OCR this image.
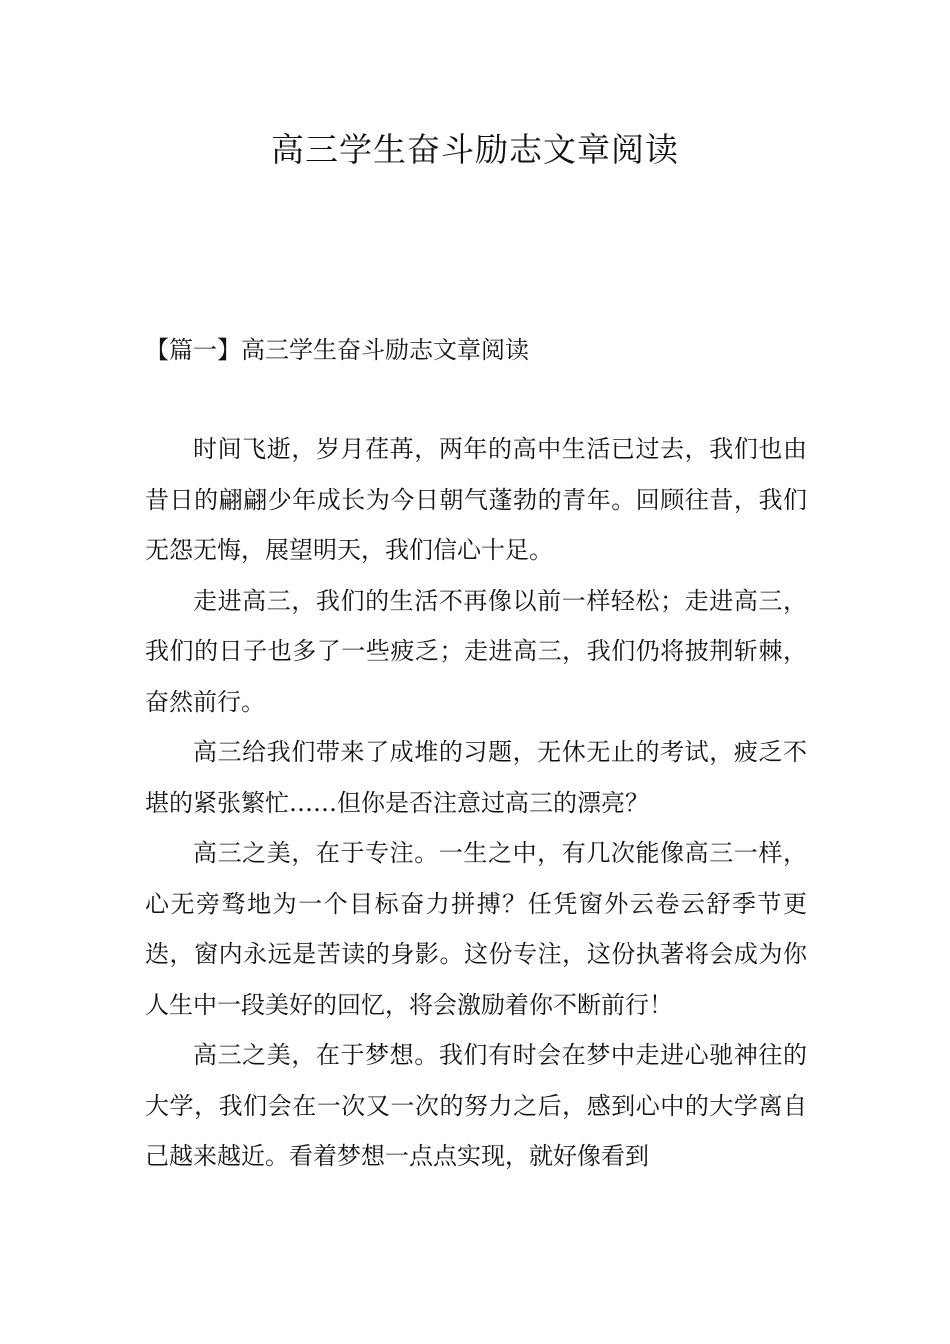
高三学生奋斗励志文章阅读
【篇一】高三学生奋斗励志文章阅读

时间飞逝，岁月荏苒，两年的高中生活已过去，我们也由昔日的翩翩少年成长为今日朝气蓬勃的青年。回顾往昔，我们无怨无悔，展望明天，我们信心十足。

走进高三，我们的生活不再像以前一样轻松；走进高三，我们的日子也多了一些疲乏；走进高三，我们仍将披荆斩棘，奋然前行。

高三给我们带来了成堆的习题，无休无止的考试，疲乏不堪的紧张繁忙……但你是否注意过高三的漂亮？

高三之美，在于专注。一生之中，有几次能像高三一样，心无旁骛地为一个目标奋力拼搏？任凭窗外云卷云舒季节更迭，窗内永远是苦读的身影。这份专注，这份执著将会成为你人生中一段美好的回忆，将会激励着你不断前行！

高三之美，在于梦想。我们有时会在梦中走进心驰神往的大学，我们会在一次又一次的努力之后，感到心中的大学离自己越来越近。看着梦想一点点实现，就好像看到
